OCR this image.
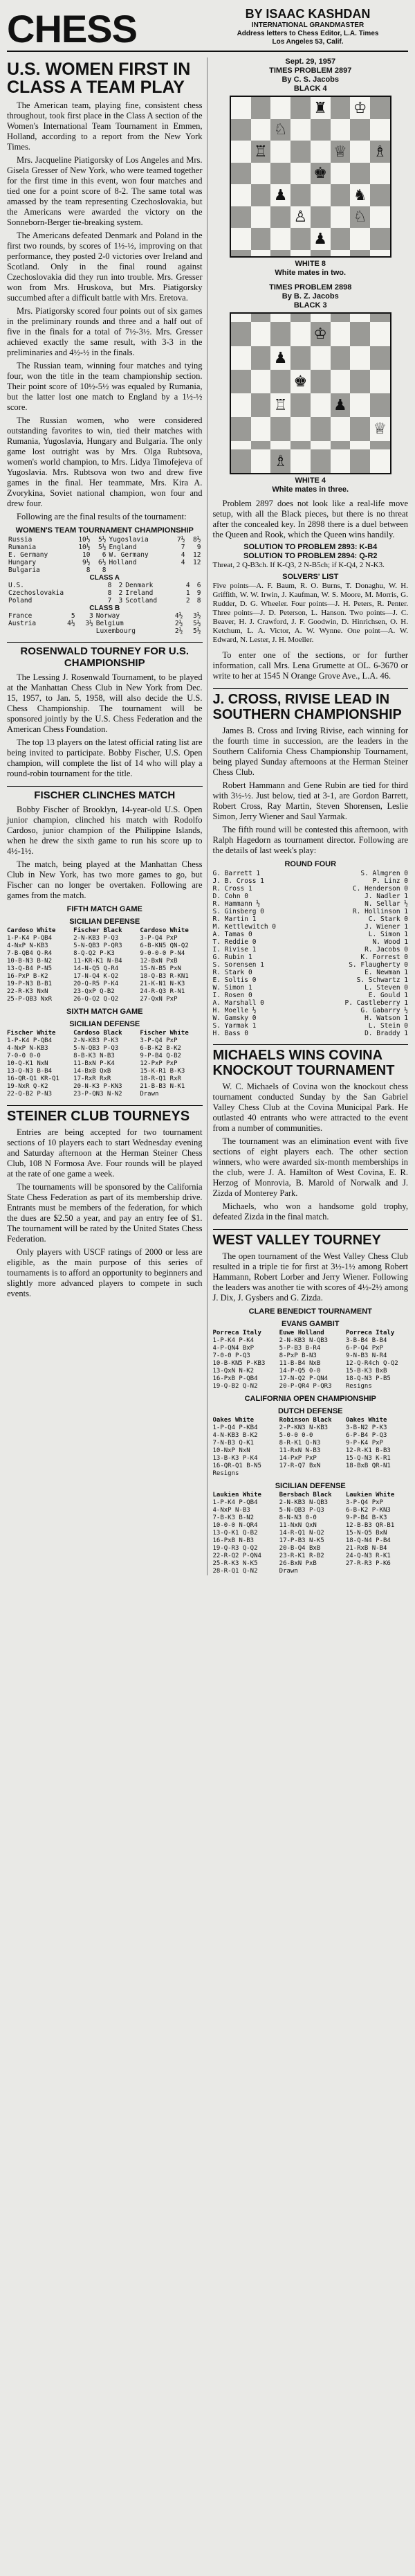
CHESS	BY ISAAC KASHDAN
INTERNATIONAL GRANDMASTER
Address letters to Chess Editor, L.A. Times
Los Angeles 53, Calif.
U.S. WOMEN FIRST IN CLASS A TEAM PLAY

The American team, playing fine, consistent chess throughout, took first place in the Class A section of the Women's International Team Tournament in Emmen, Holland, according to a report from the New York Times.

Mrs. Jacqueline Piatigorsky of Los Angeles and Mrs. Gisela Gresser of New York, who were teamed together for the first time in this event, won four matches and tied one for a point score of 8-2. The same total was amassed by the team representing Czechoslovakia, but the Americans were awarded the victory on the Sonneborn-Berger tie-breaking system.

The Americans defeated Denmark and Poland in the first two rounds, by scores of 1½-½, improving on that performance, they posted 2-0 victories over Ireland and Scotland. Only in the final round against Czechoslovakia did they run into trouble. Mrs. Gresser won from Mrs. Hruskova, but Mrs. Piatigorsky succumbed after a difficult battle with Mrs. Eretova.

Mrs. Piatigorsky scored four points out of six games in the preliminary rounds and three and a half out of five in the finals for a total of 7½-3½. Mrs. Gresser achieved exactly the same result, with 3-3 in the preliminaries and 4½-½ in the finals.

The Russian team, winning four matches and tying four, won the title in the team championship section. Their point score of 10½-5½ was equaled by Rumania, but the latter lost one match to England by a 1½-½ score.

The Russian women, who were considered outstanding favorites to win, tied their matches with Rumania, Yugoslavia, Hungary and Bulgaria. The only game lost outright was by Mrs. Olga Rubtsova, women's world champion, to Mrs. Lidya Timofejeva of Yugoslavia. Mrs. Rubtsova won two and drew five games in the final. Her teammate, Mrs. Kira A. Zvorykina, Soviet national champion, won four and drew four.

Following are the final results of the tournament:

WOMEN'S TEAM TOURNAMENT CHAMPIONSHIP
Russia	10½	5½	Yugoslavia	7½	8½
Rumania	10½	5½	England	7	9
E. Germany	10	6	W. Germany	4	12
Hungary	9½	6½	Holland	4	12
Bulgaria	8	8			
CLASS A
U.S.	8	2	Denmark	4	6
Czechoslovakia	8	2	Ireland	1	9
Poland	7	3	Scotland	2	8
CLASS B
France	5	3	Norway	4½	3½
Austria	4½	3½	Belgium	2½	5½
			Luxembourg	2½	5½
ROSENWALD TOURNEY FOR U.S. CHAMPIONSHIP

The Lessing J. Rosenwald Tournament, to be played at the Manhattan Chess Club in New York from Dec. 15, 1957, to Jan. 5, 1958, will also decide the U.S. Chess Championship. The tournament will be sponsored jointly by the U.S. Chess Federation and the American Chess Foundation.

The top 13 players on the latest official rating list are being invited to participate. Bobby Fischer, U.S. Open champion, will complete the list of 14 who will play a round-robin tournament for the title.

FISCHER CLINCHES MATCH

Bobby Fischer of Brooklyn, 14-year-old U.S. Open junior champion, clinched his match with Rodolfo Cardoso, junior champion of the Philippine Islands, when he drew the sixth game to run his score up to 4½-1½.

The match, being played at the Manhattan Chess Club in New York, has two more games to go, but Fischer can no longer be overtaken. Following are games from the match.

FIFTH MATCH GAME
SICILIAN DEFENSE
Cardoso White	Fischer Black	Cardoso White
1-P-K4 P-QB4	2-N-KB3 P-Q3	3-P-Q4 PxP
4-NxP N-KB3	5-N-QB3 P-QR3	6-B-KN5 QN-Q2
7-B-QB4 Q-R4	8-Q-Q2 P-K3	9-0-0-0 P-N4
10-B-N3 B-N2	11-KR-K1 N-B4	12-BxN PxB
13-Q-B4 P-N5	14-N-Q5 Q-R4	15-N-B5 PxN
16-PxP B-K2	17-N-Q4 K-Q2	18-Q-B3 R-KN1
19-P-N3 B-B1	20-Q-R5 P-K4	21-K-N1 N-K3
22-R-K3 NxN	23-QxP Q-B2	24-R-Q3 R-N1
25-P-QB3 NxR	26-Q-Q2 Q-Q2	27-QxN PxP
SIXTH MATCH GAME
SICILIAN DEFENSE
Fischer White	Cardoso Black	Fischer White
1-P-K4 P-QB4	2-N-KB3 P-K3	3-P-Q4 PxP
4-NxP N-KB3	5-N-QB3 P-Q3	6-B-K2 B-K2
7-0-0 0-0	8-B-K3 N-B3	9-P-B4 Q-B2
10-Q-K1 NxN	11-BxN P-K4	12-PxP PxP
13-Q-N3 B-B4	14-BxB QxB	15-K-R1 B-K3
16-QR-Q1 KR-Q1	17-RxR RxR	18-R-Q1 RxR
19-NxR Q-K2	20-N-K3 P-KN3	21-B-B3 N-K1
22-Q-B2 P-N3	23-P-QN3 N-N2	Drawn
STEINER CLUB TOURNEYS

Entries are being accepted for two tournament sections of 10 players each to start Wednesday evening and Saturday afternoon at the Herman Steiner Chess Club, 108 N Formosa Ave. Four rounds will be played at the rate of one game a week.

The tournaments will be sponsored by the California State Chess Federation as part of its membership drive. Entrants must be members of the federation, for which the dues are $2.50 a year, and pay an entry fee of $1. The tournament will be rated by the United States Chess Federation.

Only players with USCF ratings of 2000 or less are eligible, as the main purpose of this series of tournaments is to afford an opportunity to beginners and slightly more advanced players to compete in such events.

Sept. 29, 1957
TIMES PROBLEM 2897
By C. S. Jacobs
BLACK 4
♜ ♔
♘
♖	♕ ♗
♚
♟	♞
♙	♘
♟
WHITE 8
White mates in two.
TIMES PROBLEM 2898
By B. Z. Jacobs
BLACK 3
♔
♟
♚
♖	♟
♕
♗
WHITE 4
White mates in three.

Problem 2897 does not look like a real-life move setup, with all the Black pieces, but there is no threat after the concealed key. In 2898 there is a duel between the Queen and Rook, which the Queen wins handily.

SOLUTION TO PROBLEM 2893: K-B4
SOLUTION TO PROBLEM 2894: Q-R2
Threat, 2 Q-B3ch. If K-Q3, 2 N-B5ch; if K-Q4, 2 N-K3.
SOLVERS' LIST
Five points—A. F. Baum, R. O. Burns, T. Donaghu, W. H. Griffith, W. W. Irwin, J. Kaufman, W. S. Moore, M. Morris, G. Rudder, D. G. Wheeler. Four points—J. H. Peters, R. Penter. Three points—J. D. Peterson, L. Hanson. Two points—J. C. Beaver, H. J. Crawford, J. F. Goodwin, D. Hinrichsen, O. H. Ketchum, L. A. Victor, A. W. Wynne. One point—A. W. Edward, N. Lester, J. H. Moeller.

To enter one of the sections, or for further information, call Mrs. Lena Grumette at OL. 6-3670 or write to her at 1545 N Orange Grove Ave., L.A. 46.

J. CROSS, RIVISE LEAD IN SOUTHERN CHAMPIONSHIP

James B. Cross and Irving Rivise, each winning for the fourth time in succession, are the leaders in the Southern California Chess Championship Tournament, being played Sunday afternoons at the Herman Steiner Chess Club.

Robert Hammann and Gene Rubin are tied for third with 3½-½. Just below, tied at 3-1, are Gordon Barrett, Robert Cross, Ray Martin, Steven Shorensen, Leslie Simon, Jerry Wiener and Saul Yarmak.

The fifth round will be contested this afternoon, with Ralph Hagedorn as tournament director. Following are the details of last week's play:

ROUND FOUR
G. Barrett 1	S. Almgren 0
J. B. Cross 1	P. Linz 0
R. Cross 1	C. Henderson 0
D. Cohn 0	J. Nadler 1
R. Hammann ½	N. Sellar ½
S. Ginsberg 0	R. Hollinson 1
R. Martin 1	C. Stark 0
M. Kettlewitch 0	J. Wiener 1
A. Tamas 0	L. Simon 1
T. Reddie 0	N. Wood 1
I. Rivise 1	R. Jacobs 0
G. Rubin 1	K. Forrest 0
S. Sorensen 1	S. Flaugherty 0
R. Stark 0	E. Newman 1
E. Soltis 0	S. Schwartz 1
W. Simon 1	L. Steven 0
I. Rosen 0	E. Gould 1
A. Marshall 0	P. Castleberry 1
H. Moelle ½	G. Gabarry ½
W. Gamsky 0	H. Watson 1
S. Yarmak 1	L. Stein 0
H. Bass 0	D. Braddy 1
MICHAELS WINS COVINA KNOCKOUT TOURNAMENT

W. C. Michaels of Covina won the knockout chess tournament conducted Sunday by the San Gabriel Valley Chess Club at the Covina Municipal Park. He outlasted 40 entrants who were attracted to the event from a number of communities.

The tournament was an elimination event with five sections of eight players each. The other section winners, who were awarded six-month memberships in the club, were J. A. Hamilton of West Covina, E. R. Herzog of Monrovia, B. Marold of Norwalk and J. Zizda of Monterey Park.

Michaels, who won a handsome gold trophy, defeated Zizda in the final match.

WEST VALLEY TOURNEY

The open tournament of the West Valley Chess Club resulted in a triple tie for first at 3½-1½ among Robert Hammann, Robert Lorber and Jerry Wiener. Following the leaders was another tie with scores of 4½-2½ among J. Dix, J. Gysbers and G. Zizda.

CLARE BENEDICT TOURNAMENT
EVANS GAMBIT
Porreca Italy	Euwe Holland	Porreca Italy
1-P-K4 P-K4	2-N-KB3 N-QB3	3-B-B4 B-B4
4-P-QN4 BxP	5-P-B3 B-R4	6-P-Q4 PxP
7-0-0 P-Q3	8-PxP B-N3	9-N-B3 N-R4
10-B-KN5 P-KB3	11-B-B4 NxB	12-Q-R4ch Q-Q2
13-QxN N-K2	14-P-Q5 0-0	15-B-K3 BxB
16-PxB P-QB4	17-N-Q2 P-QN4	18-Q-N3 P-B5
19-Q-B2 Q-N2	20-P-QR4 P-QR3	Resigns
CALIFORNIA OPEN CHAMPIONSHIP
DUTCH DEFENSE
Oakes White	Robinson Black	Oakes White
1-P-Q4 P-KB4	2-P-KN3 N-KB3	3-B-N2 P-K3
4-N-KB3 B-K2	5-0-0 0-0	6-P-B4 P-Q3
7-N-B3 Q-K1	8-R-K1 Q-N3	9-P-K4 PxP
10-NxP NxN	11-RxN N-B3	12-R-K1 B-B3
13-B-K3 P-K4	14-PxP PxP	15-Q-N3 K-R1
16-QR-Q1 B-N5	17-R-Q7 BxN	18-BxB QR-N1
Resigns
SICILIAN DEFENSE
Laukien White	Bersbach Black	Laukien White
1-P-K4 P-QB4	2-N-KB3 N-QB3	3-P-Q4 PxP
4-NxP N-B3	5-N-QB3 P-Q3	6-B-K2 P-KN3
7-B-K3 B-N2	8-N-N3 0-0	9-P-B4 B-K3
10-0-0 N-QR4	11-NxN QxN	12-B-B3 QR-B1
13-Q-K1 Q-B2	14-R-Q1 N-Q2	15-N-Q5 BxN
16-PxB N-B3	17-P-B3 N-K5	18-Q-N4 P-B4
19-Q-R3 Q-Q2	20-B-Q4 BxB	21-RxB N-B4
22-R-Q2 P-QN4	23-R-K1 R-B2	24-Q-N3 R-K1
25-R-K3 N-K5	26-BxN PxB	27-R-R3 P-K6
28-R-Q1 Q-N2	Drawn
